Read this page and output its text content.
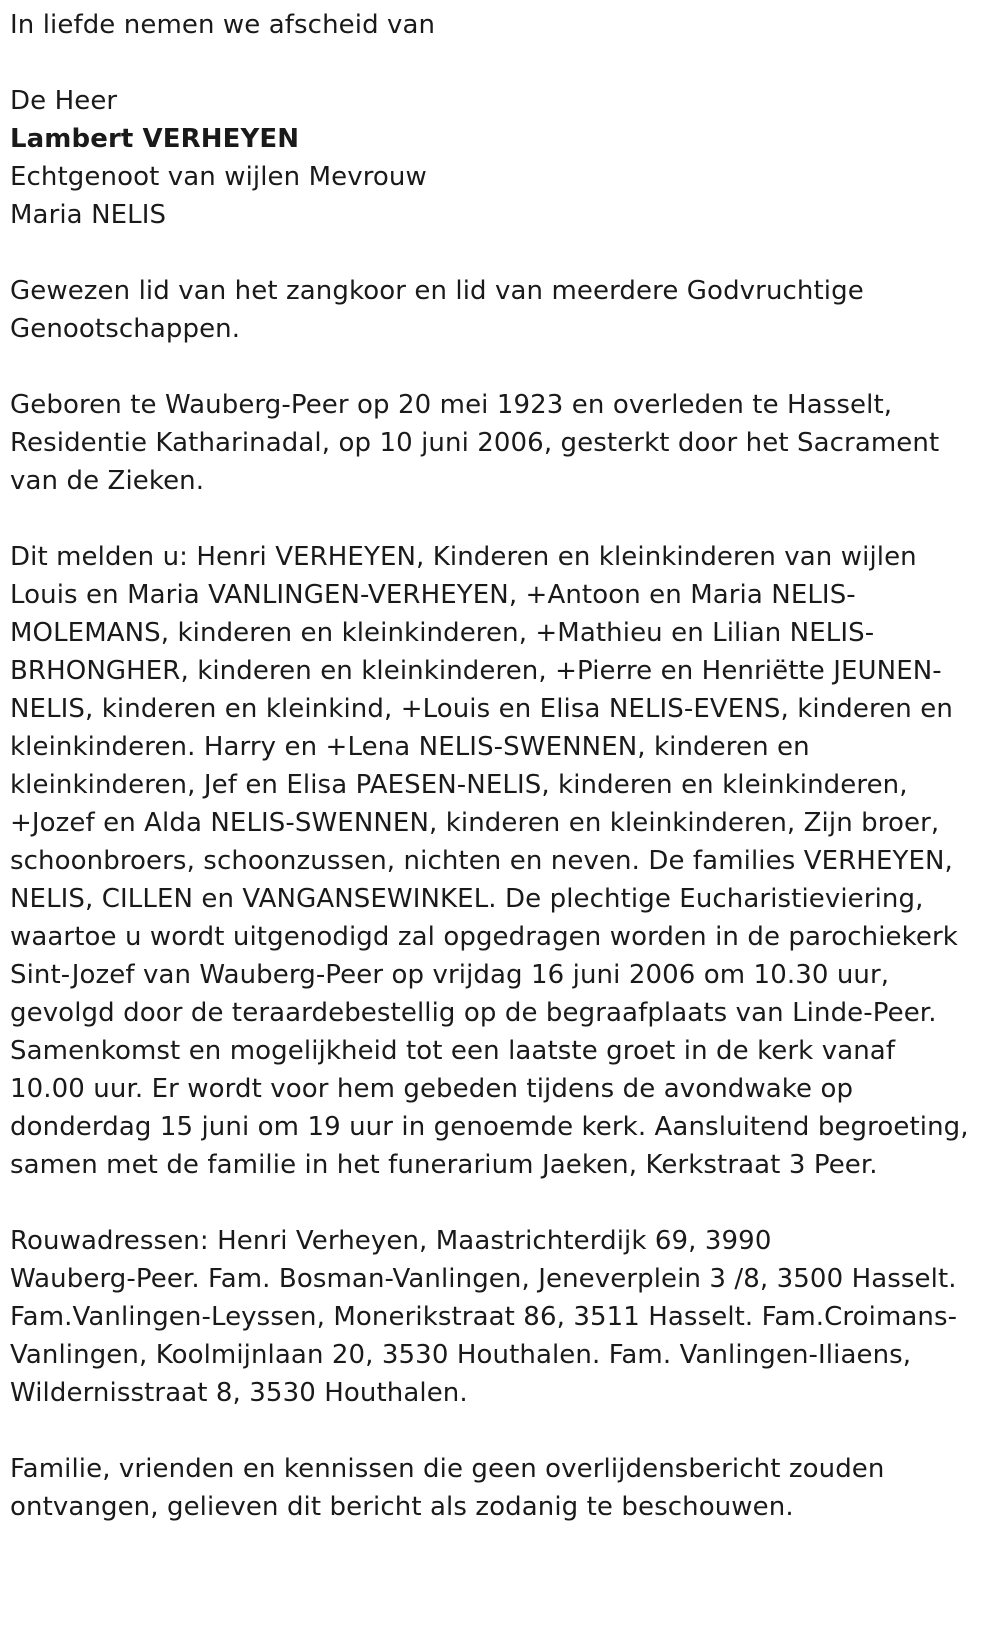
In liefde nemen we afscheid van

De Heer

Lambert VERHEYEN

Echtgenoot van wijlen Mevrouw

Maria NELIS

Gewezen lid van het zangkoor en lid van meerdere Godvruchtige
Genootschappen.

Geboren te Wauberg-Peer op 20 mei 1923 en overleden te Hasselt,
Residentie Katharinadal, op 10 juni 2006, gesterkt door het Sacrament
van de Zieken.

Dit melden u: Henri VERHEYEN, Kinderen en kleinkinderen van wijlen
Louis en Maria VANLINGEN-VERHEYEN, +Antoon en Maria NELIS-
MOLEMANS, kinderen en kleinkinderen, +Mathieu en Lilian NELIS-
BRHONGHER, kinderen en kleinkinderen, +Pierre en Henriëtte JEUNEN-
NELIS, kinderen en kleinkind, +Louis en Elisa NELIS-EVENS, kinderen en
kleinkinderen. Harry en +Lena NELIS-SWENNEN, kinderen en
kleinkinderen, Jef en Elisa PAESEN-NELIS, kinderen en kleinkinderen,
+Jozef en Alda NELIS-SWENNEN, kinderen en kleinkinderen, Zijn broer,
schoonbroers, schoonzussen, nichten en neven. De families VERHEYEN,
NELIS, CILLEN en VANGANSEWINKEL. De plechtige Eucharistieviering,
waartoe u wordt uitgenodigd zal opgedragen worden in de parochiekerk
Sint-Jozef van Wauberg-Peer op vrijdag 16 juni 2006 om 10.30 uur,
gevolgd door de teraardebestellig op de begraafplaats van Linde-Peer.
Samenkomst en mogelijkheid tot een laatste groet in de kerk vanaf
10.00 uur. Er wordt voor hem gebeden tijdens de avondwake op
donderdag 15 juni om 19 uur in genoemde kerk. Aansluitend begroeting,
samen met de familie in het funerarium Jaeken, Kerkstraat 3 Peer.

Rouwadressen: Henri Verheyen, Maastrichterdijk 69, 3990
Wauberg-Peer. Fam. Bosman-Vanlingen, Jeneverplein 3 /8, 3500 Hasselt.
Fam.Vanlingen-Leyssen, Monerikstraat 86, 3511 Hasselt. Fam.Croimans-
Vanlingen, Koolmijnlaan 20, 3530 Houthalen. Fam. Vanlingen-Iliaens,
Wildernisstraat 8, 3530 Houthalen.

Familie, vrienden en kennissen die geen overlijdensbericht zouden
ontvangen, gelieven dit bericht als zodanig te beschouwen.
